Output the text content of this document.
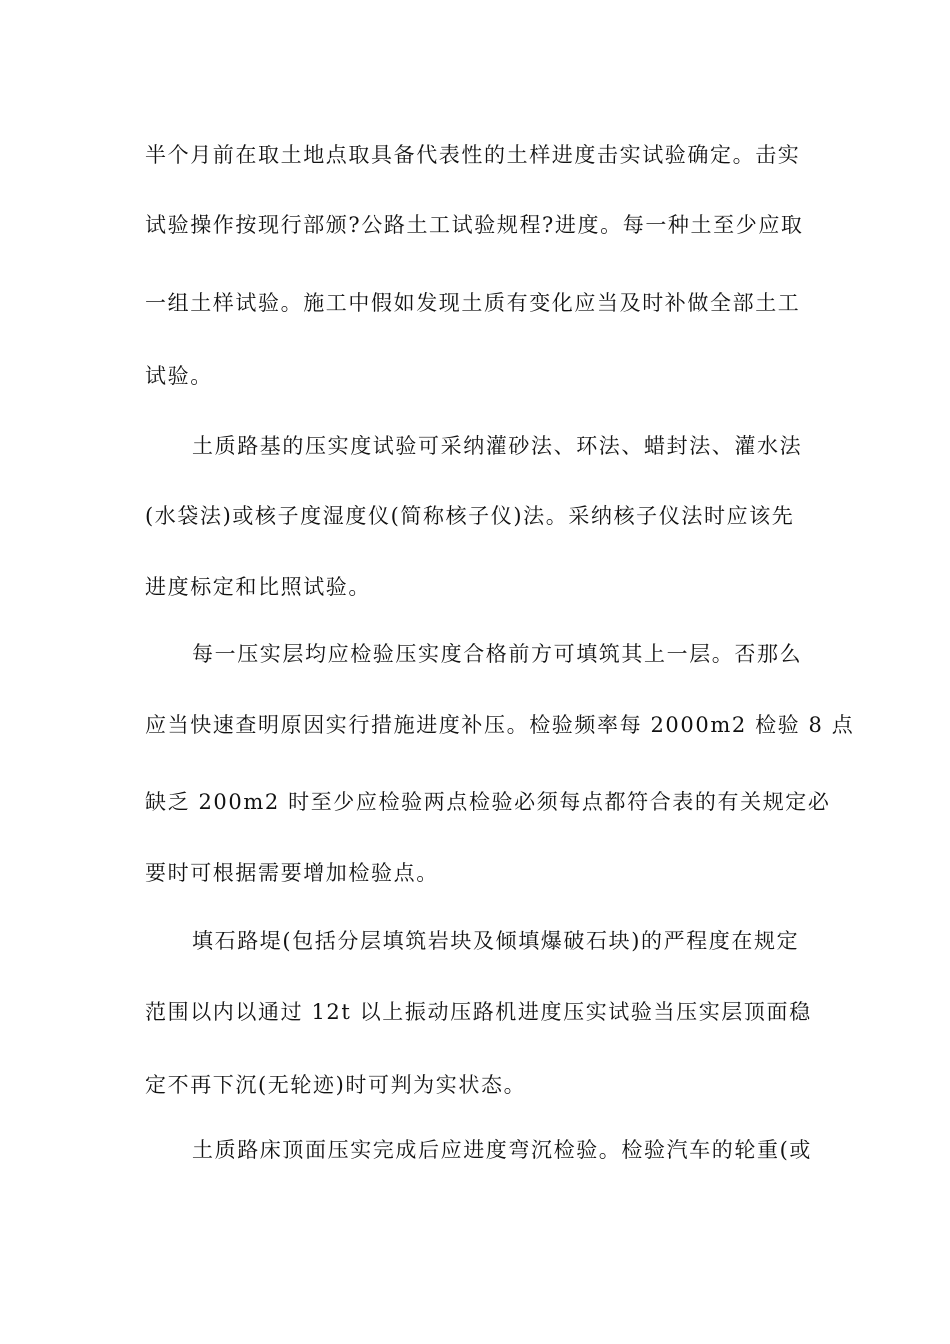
半个月前在取土地点取具备代表性的土样进度击实试验确定。击实
试验操作按现行部颁?公路土工试验规程?进度。每一种土至少应取
一组土样试验。施工中假如发现土质有变化应当及时补做全部土工
试验。
土质路基的压实度试验可采纳灌砂法、环法、蜡封法、灌水法
(水袋法)或核子度湿度仪(简称核子仪)法。采纳核子仪法时应该先
进度标定和比照试验。
每一压实层均应检验压实度合格前方可填筑其上一层。否那么
应当快速查明原因实行措施进度补压。检验频率每 2000m2 检验 8 点
缺乏 200m2 时至少应检验两点检验必须每点都符合表的有关规定必
要时可根据需要增加检验点。
填石路堤(包括分层填筑岩块及倾填爆破石块)的严程度在规定
范围以内以通过 12t 以上振动压路机进度压实试验当压实层顶面稳
定不再下沉(无轮迹)时可判为实状态。
土质路床顶面压实完成后应进度弯沉检验。检验汽车的轮重(或
